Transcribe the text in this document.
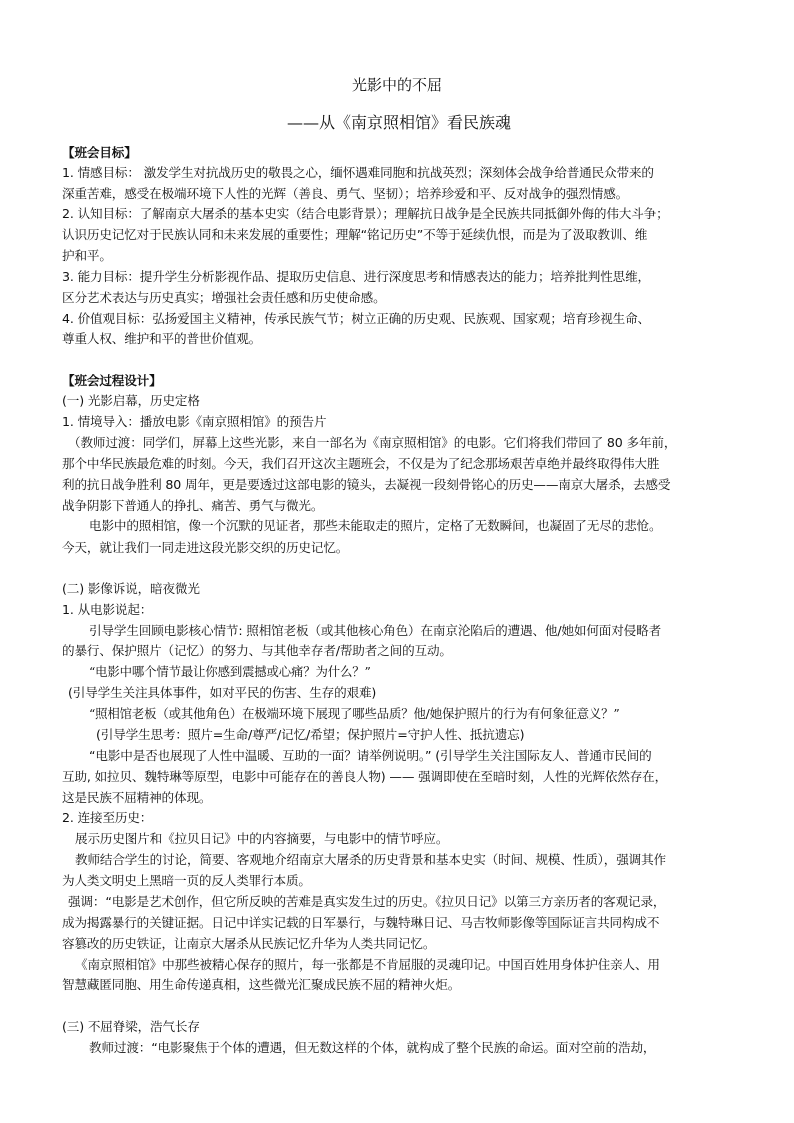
光影中的不屈
——从《南京照相馆》看民族魂
【班会目标】
1. 情感目标： 激发学生对抗战历史的敬畏之心，缅怀遇难同胞和抗战英烈；深刻体会战争给普通民众带来的
深重苦难，感受在极端环境下人性的光辉（善良、勇气、坚韧）；培养珍爱和平、反对战争的强烈情感。
2. 认知目标：了解南京大屠杀的基本史实（结合电影背景）；理解抗日战争是全民族共同抵御外侮的伟大斗争；
认识历史记忆对于民族认同和未来发展的重要性；理解“铭记历史”不等于延续仇恨，而是为了汲取教训、维
护和平。
3. 能力目标：提升学生分析影视作品、提取历史信息、进行深度思考和情感表达的能力；培养批判性思维，
区分艺术表达与历史真实；增强社会责任感和历史使命感。
4. 价值观目标：弘扬爱国主义精神，传承民族气节；树立正确的历史观、民族观、国家观；培育珍视生命、
尊重人权、维护和平的普世价值观。
【班会过程设计】
(一) 光影启幕，历史定格
1. 情境导入：播放电影《南京照相馆》的预告片
（教师过渡：同学们，屏幕上这些光影，来自一部名为《南京照相馆》的电影。它们将我们带回了 80 多年前，
那个中华民族最危难的时刻。今天，我们召开这次主题班会，不仅是为了纪念那场艰苦卓绝并最终取得伟大胜
利的抗日战争胜利 80 周年，更是要透过这部电影的镜头，去凝视一段刻骨铭心的历史——南京大屠杀，去感受
战争阴影下普通人的挣扎、痛苦、勇气与微光。
电影中的照相馆，像一个沉默的见证者，那些未能取走的照片，定格了无数瞬间，也凝固了无尽的悲怆。
今天，就让我们一同走进这段光影交织的历史记忆。
(二) 影像诉说，暗夜微光
1. 从电影说起：
引导学生回顾电影核心情节: 照相馆老板（或其他核心角色）在南京沦陷后的遭遇、他/她如何面对侵略者
的暴行、保护照片（记忆）的努力、与其他幸存者/帮助者之间的互动。
“电影中哪个情节最让你感到震撼或心痛？为什么？”
(引导学生关注具体事件，如对平民的伤害、生存的艰难)
“照相馆老板（或其他角色）在极端环境下展现了哪些品质？他/她保护照片的行为有何象征意义？”
(引导学生思考：照片=生命/尊严/记忆/希望；保护照片=守护人性、抵抗遗忘)
“电影中是否也展现了人性中温暖、互助的一面？请举例说明。” (引导学生关注国际友人、普通市民间的
互助, 如拉贝、魏特琳等原型，电影中可能存在的善良人物) —— 强调即使在至暗时刻，人性的光辉依然存在，
这是民族不屈精神的体现。
2. 连接至历史：
展示历史图片和《拉贝日记》中的内容摘要，与电影中的情节呼应。
教师结合学生的讨论，简要、客观地介绍南京大屠杀的历史背景和基本史实（时间、规模、性质），强调其作
为人类文明史上黑暗一页的反人类罪行本质。
强调：“电影是艺术创作，但它所反映的苦难是真实发生过的历史。《拉贝日记》以第三方亲历者的客观记录，
成为揭露暴行的关键证据。日记中详实记载的日军暴行，与魏特琳日记、马吉牧师影像等国际证言共同构成不
容篡改的历史铁证，让南京大屠杀从民族记忆升华为人类共同记忆。
《南京照相馆》中那些被精心保存的照片，每一张都是不肯屈服的灵魂印记。中国百姓用身体护住亲人、用
智慧藏匿同胞、用生命传递真相，这些微光汇聚成民族不屈的精神火炬。
(三) 不屈脊梁，浩气长存
教师过渡：“电影聚焦于个体的遭遇，但无数这样的个体，就构成了整个民族的命运。面对空前的浩劫，
